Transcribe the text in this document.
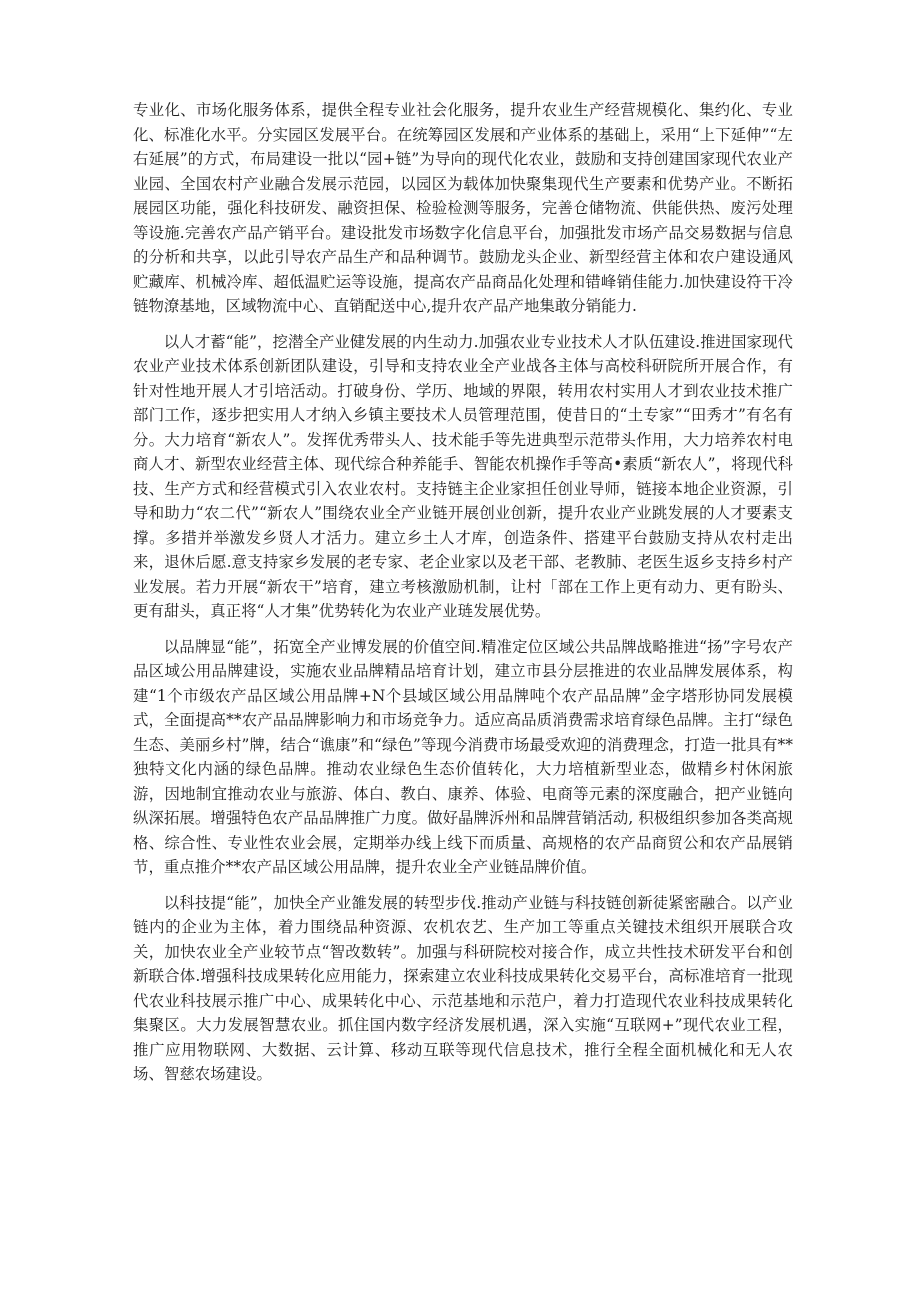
专业化、市场化服务体系，提供全程专业社会化服务，提升农业生产经营规模化、集约化、专业化、标准化水平。分实园区发展平台。在统筹园区发展和产业体系的基础上，采用“上下延伸”“左右延展”的方式，布局建设一批以“园+链”为导向的现代化农业，鼓励和支持创建国家现代农业产业园、全国农村产业融合发展示范园，以园区为载体加快聚集现代生产要素和优势产业。不断拓展园区功能，强化科技研发、融资担保、检验检测等服务，完善仓储物流、供能供热、废污处理等设施.完善农产品产销平台。建设批发市场数字化信息平台，加强批发市场产品交易数据与信息的分析和共享，以此引导农产品生产和品种调节。鼓励龙头企业、新型经营主体和农户建设通风贮藏库、机械冷库、超低温贮运等设施，提高农产品商品化处理和错峰销佳能力.加快建设符干冷链物潦基地，区域物流中心、直销配送中心,提升农产品产地集敢分销能力.

以人才蓄“能”，挖潜全产业健发展的内生动力.加强农业专业技术人才队伍建设.推进国家现代农业产业技术体系创新团队建设，引导和支持农业全产业战各主体与高校科研院所开展合作，有针对性地开展人才引培活动。打破身份、学历、地域的界限，转用农村实用人才到农业技术推广部门工作，逐步把实用人才纳入乡镇主要技术人员管理范围，使昔日的“土专家”“田秀才”有名有分。大力培育“新农人”。发挥优秀带头人、技术能手等先进典型示范带头作用，大力培养农村电商人才、新型农业经营主体、现代综合种养能手、智能农机操作手等高•素质“新农人”，将现代科技、生产方式和经营模式引入农业农村。支持链主企业家担任创业导师，链接本地企业资源，引导和助力“农二代”“新农人”围绕农业全产业链开展创业创新，提升农业产业跳发展的人才要素支撑。多措并举激发乡贤人才活力。建立乡土人才库，创造条件、搭建平台鼓励支持从农村走出来，退休后愿.意支持家乡发展的老专家、老企业家以及老干部、老教肺、老医生返乡支持乡村产业发展。若力开展“新农干”培育，建立考核激励机制，让村「部在工作上更有动力、更有盼头、更有甜头，真正将“人才集”优势转化为农业产业琏发展优势。

以品牌显“能”，拓宽全产业博发展的价值空间.精准定位区域公共品牌战略推进“扬”字号农产品区域公用品牌建设，实施农业品牌精品培育计划，建立市县分层推进的农业品牌发展体系，构建“1个市级农产品区域公用品牌+N个县域区域公用品牌吨个农产品品牌”金字塔形协同发展模式，全面提高**农产品品牌影响力和市场竞争力。适应高品质消费需求培育绿色品牌。主打“绿色生态、美丽乡村”牌，结合“谯康”和“绿色”等现今消费市场最受欢迎的消费理念，打造一批具有**独特文化内涵的绿色品牌。推动农业绿色生态价值转化，大力培植新型业态，做精乡村休闲旅游，因地制宜推动农业与旅游、体白、教白、康养、体验、电商等元素的深度融合，把产业链向纵深拓展。增强特色农产品品牌推广力度。做好晶牌泝州和品牌营销活动, 积极组织参加各类高规格、综合性、专业性农业会展，定期举办线上线下而质量、高规格的农产品商贸公和农产品展销节，重点推介**农产品区域公用品牌，提升农业全产业链品牌价值。

以科技提“能”，加快全产业雒发展的转型步伐.推动产业链与科技链创新徒紧密融合。以产业链内的企业为主体，着力围绕品种资源、农机农艺、生产加工等重点关键技术组织开展联合攻关，加快农业全产业较节点“智改数转”。加强与科研院校对接合作，成立共性技术研发平台和创新联合体.增强科技成果转化应用能力，探索建立农业科技成果转化交易平台，高标准培育一批现代农业科技展示推广中心、成果转化中心、示范基地和示范户，着力打造现代农业科技成果转化集聚区。大力发展智慧农业。抓住国内数字经济发展机遇，深入实施“互联网+”现代农业工程，推广应用物联网、大数据、云计算、移动互联等现代信息技术，推行全程全面机械化和无人农场、智慈农场建设。
